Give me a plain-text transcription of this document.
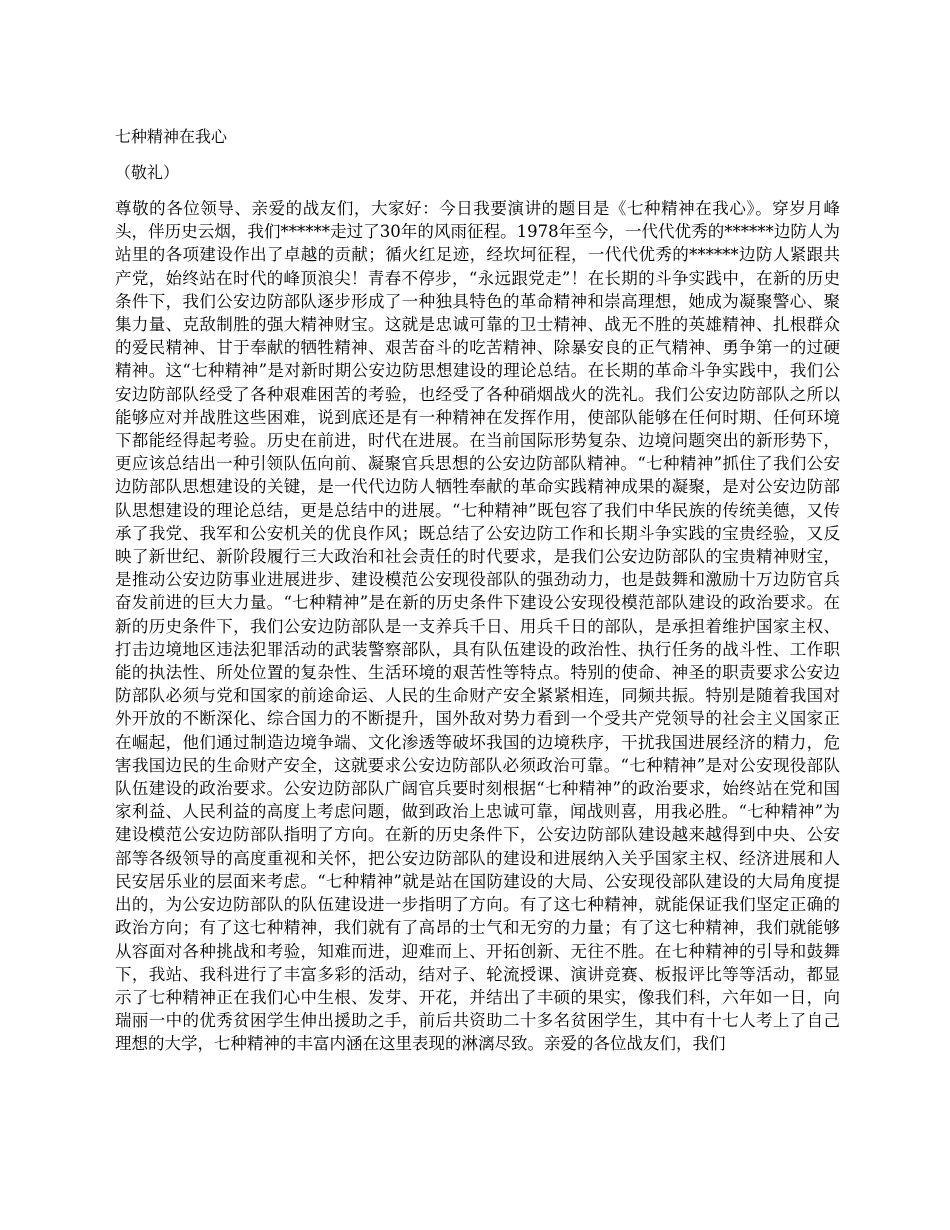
七种精神在我心
（敬礼）

尊敬的各位领导、亲爱的战友们，大家好：今日我要演讲的题目是《七种精神在我心》。穿岁月峰头，伴历史云烟，我们******走过了30年的风雨征程。1978年至今，一代代优秀的******边防人为站里的各项建设作出了卓越的贡献；循火红足迹，经坎坷征程，一代代优秀的******边防人紧跟共产党，始终站在时代的峰顶浪尖！青春不停步，“永远跟党走”！在长期的斗争实践中，在新的历史条件下，我们公安边防部队逐步形成了一种独具特色的革命精神和崇高理想，她成为凝聚警心、聚集力量、克敌制胜的强大精神财宝。这就是忠诚可靠的卫士精神、战无不胜的英雄精神、扎根群众的爱民精神、甘于奉献的牺牲精神、艰苦奋斗的吃苦精神、除暴安良的正气精神、勇争第一的过硬精神。这“七种精神”是对新时期公安边防思想建设的理论总结。在长期的革命斗争实践中，我们公安边防部队经受了各种艰难困苦的考验，也经受了各种硝烟战火的洗礼。我们公安边防部队之所以能够应对并战胜这些困难，说到底还是有一种精神在发挥作用，使部队能够在任何时期、任何环境下都能经得起考验。历史在前进，时代在进展。在当前国际形势复杂、边境问题突出的新形势下，更应该总结出一种引领队伍向前、凝聚官兵思想的公安边防部队精神。“七种精神”抓住了我们公安边防部队思想建设的关键，是一代代边防人牺牲奉献的革命实践精神成果的凝聚，是对公安边防部队思想建设的理论总结，更是总结中的进展。“七种精神”既包容了我们中华民族的传统美德，又传承了我党、我军和公安机关的优良作风；既总结了公安边防工作和长期斗争实践的宝贵经验，又反映了新世纪、新阶段履行三大政治和社会责任的时代要求，是我们公安边防部队的宝贵精神财宝，是推动公安边防事业进展进步、建设模范公安现役部队的强劲动力，也是鼓舞和激励十万边防官兵奋发前进的巨大力量。“七种精神”是在新的历史条件下建设公安现役模范部队建设的政治要求。在新的历史条件下，我们公安边防部队是一支养兵千日、用兵千日的部队，是承担着维护国家主权、打击边境地区违法犯罪活动的武装警察部队，具有队伍建设的政治性、执行任务的战斗性、工作职能的执法性、所处位置的复杂性、生活环境的艰苦性等特点。特别的使命、神圣的职责要求公安边防部队必须与党和国家的前途命运、人民的生命财产安全紧紧相连，同频共振。特别是随着我国对外开放的不断深化、综合国力的不断提升，国外敌对势力看到一个受共产党领导的社会主义国家正在崛起，他们通过制造边境争端、文化渗透等破坏我国的边境秩序，干扰我国进展经济的精力，危害我国边民的生命财产安全，这就要求公安边防部队必须政治可靠。“七种精神”是对公安现役部队队伍建设的政治要求。公安边防部队广阔官兵要时刻根据“七种精神”的政治要求，始终站在党和国家利益、人民利益的高度上考虑问题，做到政治上忠诚可靠，闻战则喜，用我必胜。“七种精神”为建设模范公安边防部队指明了方向。在新的历史条件下，公安边防部队建设越来越得到中央、公安部等各级领导的高度重视和关怀，把公安边防部队的建设和进展纳入关乎国家主权、经济进展和人民安居乐业的层面来考虑。“七种精神”就是站在国防建设的大局、公安现役部队建设的大局角度提出的，为公安边防部队的队伍建设进一步指明了方向。有了这七种精神，就能保证我们坚定正确的政治方向；有了这七种精神，我们就有了高昂的士气和无穷的力量；有了这七种精神，我们就能够从容面对各种挑战和考验，知难而进，迎难而上、开拓创新、无往不胜。在七种精神的引导和鼓舞下，我站、我科进行了丰富多彩的活动，结对子、轮流授课、演讲竞赛、板报评比等等活动，都显示了七种精神正在我们心中生根、发芽、开花，并结出了丰硕的果实，像我们科，六年如一日，向瑞丽一中的优秀贫困学生伸出援助之手，前后共资助二十多名贫困学生，其中有十七人考上了自己理想的大学，七种精神的丰富内涵在这里表现的淋漓尽致。亲爱的各位战友们，我们
